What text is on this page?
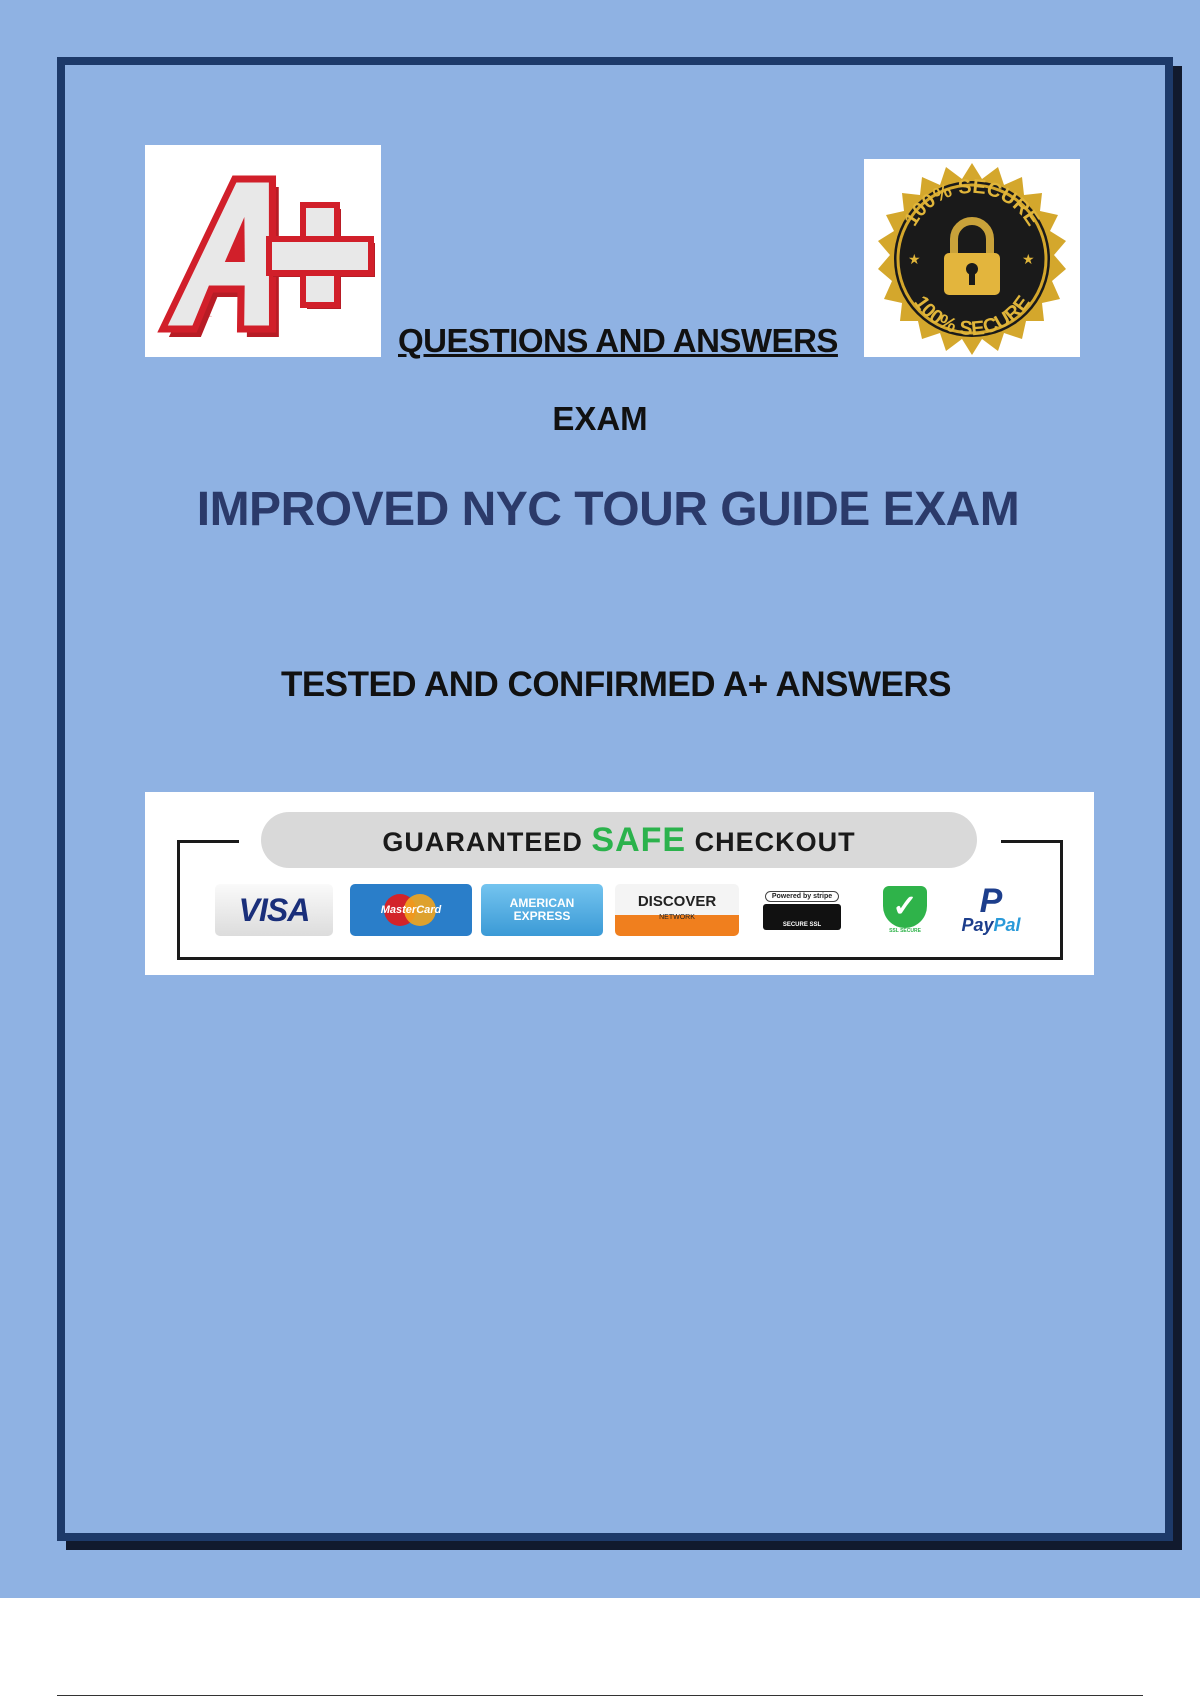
A+
100% SECURE
100% SECURE
★	★
QUESTIONS AND ANSWERS
EXAM
IMPROVED NYC TOUR GUIDE EXAM
TESTED AND CONFIRMED A+ ANSWERS
GUARANTEED SAFE CHECKOUT
VISA	MasterCard	AMERICAN
EXPRESS
DISCOVER
NETWORK
Powered by stripe
SECURE SSL
✓
SSL SECURE
P
PayPal
